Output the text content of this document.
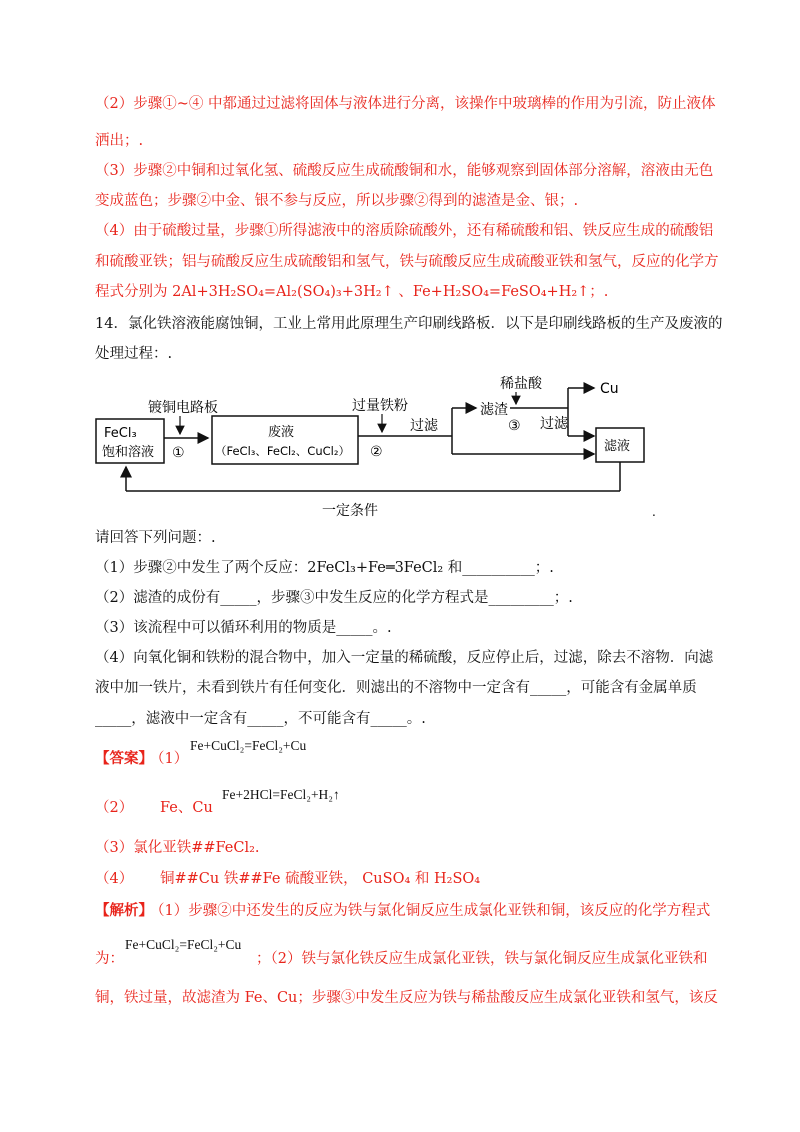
（2）步骤①~④ 中都通过过滤将固体与液体进行分离，该操作中玻璃棒的作用为引流，防止液体
洒出；.
（3）步骤②中铜和过氧化氢、硫酸反应生成硫酸铜和水，能够观察到固体部分溶解，溶液由无色
变成蓝色；步骤②中金、银不参与反应，所以步骤②得到的滤渣是金、银；.
（4）由于硫酸过量，步骤①所得滤液中的溶质除硫酸外，还有稀硫酸和铝、铁反应生成的硫酸铝
和硫酸亚铁；铝与硫酸反应生成硫酸铝和氢气，铁与硫酸反应生成硫酸亚铁和氢气，反应的化学方
程式分别为 2Al+3H₂SO₄=Al₂(SO₄)₃+3H₂↑ 、Fe+H₂SO₄=FeSO₄+H₂↑；.
14．氯化铁溶液能腐蚀铜，工业上常用此原理生产印刷线路板．以下是印刷线路板的生产及废液的
处理过程：.
FeCl₃
饱和溶液
镀铜电路板
①
废液
（FeCl₃、FeCl₂、CuCl₂）
过量铁粉
②
过滤
稀盐酸
滤渣
③
Cu
过滤
滤液
一定条件	.
请回答下列问题：.
（1）步骤②中发生了两个反应：2FeCl₃+Fe═3FeCl₂ 和__________；.
（2）滤渣的成份有_____，步骤③中发生反应的化学方程式是_________；.
（3）该流程中可以循环利用的物质是_____。.
（4）向氧化铜和铁粉的混合物中，加入一定量的稀硫酸，反应停止后，过滤，除去不溶物．向滤
液中加一铁片，未看到铁片有任何变化．则滤出的不溶物中一定含有_____，可能含有金属单质
_____，滤液中一定含有_____，不可能含有_____。.
【答案】
（1）
Fe+CuCl₂=FeCl₂+Cu
（2） Fe、Cu
Fe+2HCl=FeCl₂+H₂↑
（3）氯化亚铁##FeCl₂.
（4） 铜##Cu 铁##Fe 硫酸亚铁， CuSO₄ 和 H₂SO₄
【解析】
（1）步骤②中还发生的反应为铁与氯化铜反应生成氯化亚铁和铜，该反应的化学方程式
为：
Fe+CuCl₂=FeCl₂+Cu
；（2）铁与氯化铁反应生成氯化亚铁，铁与氯化铜反应生成氯化亚铁和
铜，铁过量，故滤渣为 Fe、Cu；步骤③中发生反应为铁与稀盐酸反应生成氯化亚铁和氢气，该反
